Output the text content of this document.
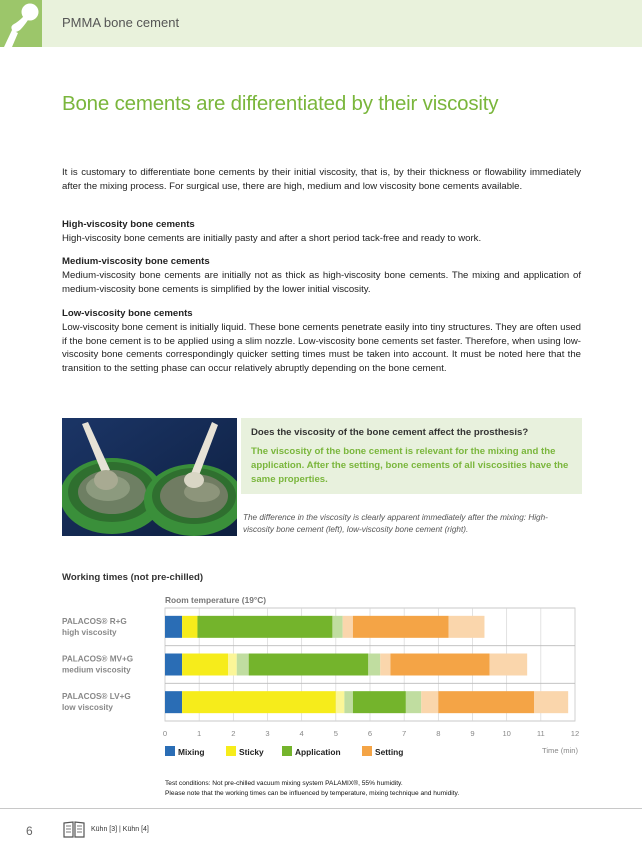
PMMA bone cement
Bone cements are differentiated by their viscosity

It is customary to differentiate bone cements by their initial viscosity, that is, by their thickness or flowability immediately after the mixing process. For surgical use, there are high, medium and low viscosity bone cements available.

High-viscosity bone cements

High-viscosity bone cements are initially pasty and after a short period tack-free and ready to work.

Medium-viscosity bone cements

Medium-viscosity bone cements are initially not as thick as high-viscosity bone cements. The mixing and application of medium-viscosity bone cements is simplified by the lower initial viscosity.

Low-viscosity bone cements

Low-viscosity bone cement is initially liquid. These bone cements penetrate easily into tiny structures. They are often used if the bone cement is to be applied using a slim nozzle. Low-viscosity bone cements set faster. Therefore, when using low-viscosity bone cements correspondingly quicker setting times must be taken into account. It must be noted here that the transition to the setting phase can occur relatively abruptly depending on the bone cement.

Does the viscosity of the bone cement affect the prosthesis?
The viscosity of the bone cement is relevant for the mixing and the application. After the setting, bone cements of all viscosities have the same properties.
The difference in the viscosity is clearly apparent immediately after the mixing: High-viscosity bone cement (left), low-viscosity bone cement (right).
Working times (not pre-chilled)
Room temperature (19°C)
PALACOS® R+G
high viscosity
PALACOS® MV+G
medium viscosity
PALACOS® LV+G
low viscosity
0	1	2	3	4	5	6	7	8	9	10	11	12
Time (min)
Mixing	Sticky	Application	Setting
Test conditions: Not pre-chilled vacuum mixing system PALAMIX®, 55% humidity.
Please note that the working times can be influenced by temperature, mixing technique and humidity.
6	Kühn [3] | Kühn [4]
